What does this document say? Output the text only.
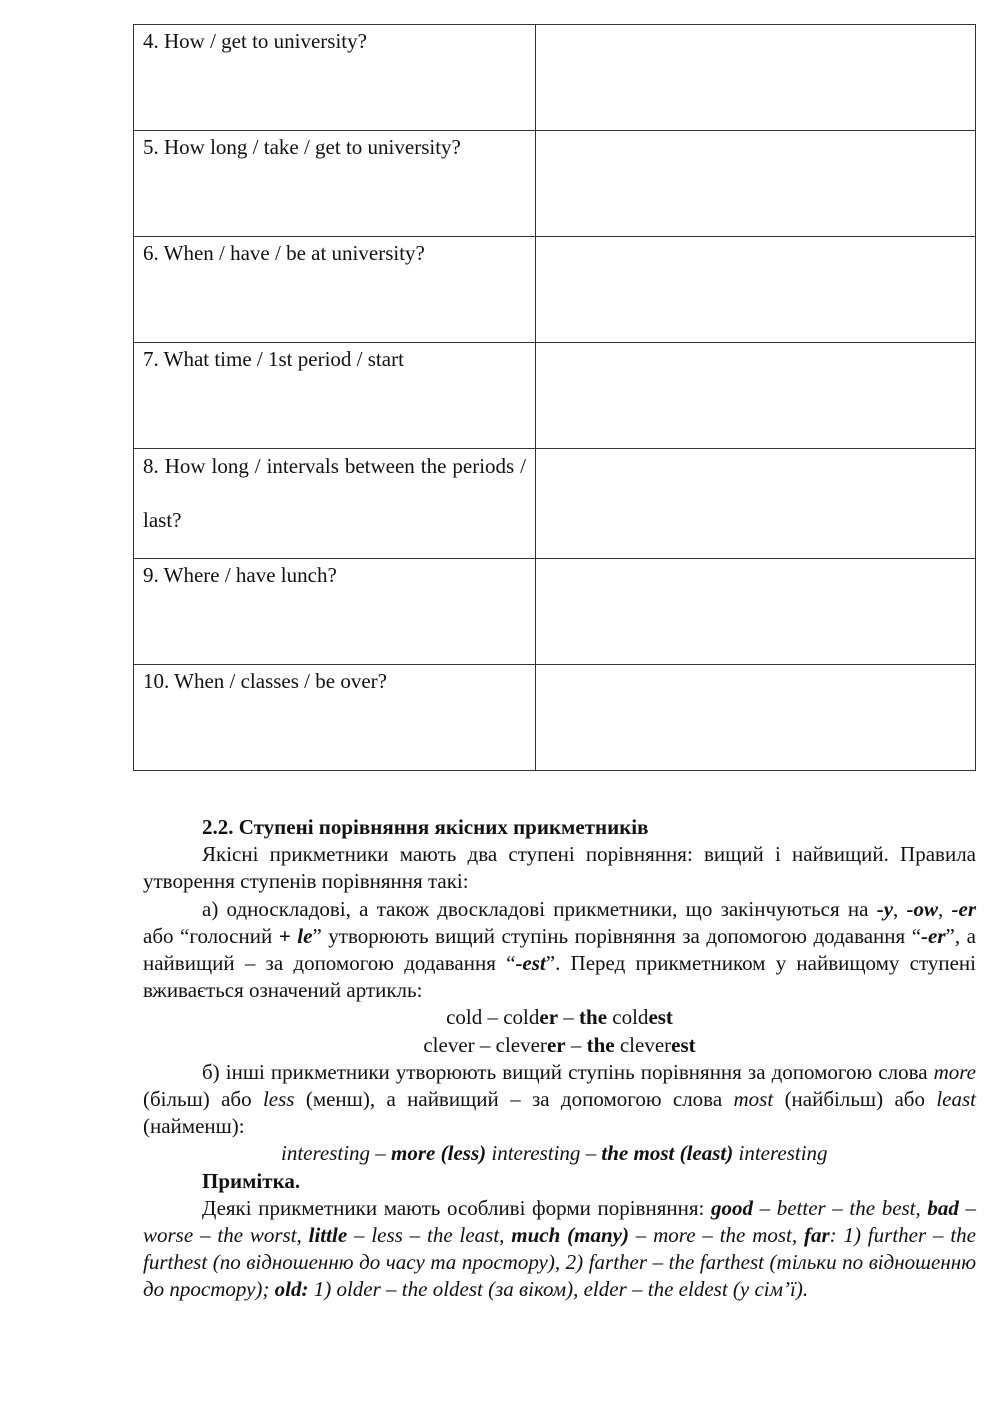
4. How / get to university?	
5. How long / take / get to university?	
6. When / have / be at university?	
7. What time / 1st period / start	

8. How long / intervals between the periods / last?	

9. Where / have lunch?	
10. When / classes / be over?	

2.2. Ступені порівняння якісних прикметників

Якісні прикметники мають два ступені порівняння: вищий і найвищий. Правила утворення ступенів порівняння такі:

а) односкладові, а також двоскладові прикметники, що закінчуються на -y, -ow, -er або “голосний + le” утворюють вищий ступінь порівняння за допомогою додавання “-er”, а найвищий – за допомогою додавання “-est”. Перед прикметником у найвищому ступені вживається означений артикль:

cold – colder – the coldest

clever – cleverer – the cleverest

б) інші прикметники утворюють вищий ступінь порівняння за допомогою слова more (більш) або less (менш), а найвищий – за допомогою слова most (найбільш) або least (найменш):

interesting – more (less) interesting – the most (least) interesting

Примітка.

Деякі прикметники мають особливі форми порівняння: good – better – the best, bad – worse – the worst, little – less – the least, much (many) – more – the most, far: 1) further – the furthest (по відношенню до часу та простору), 2) farther – the farthest (тільки по відношенню до простору); old: 1) older – the oldest (за віком), elder – the eldest (у сім’ї).
